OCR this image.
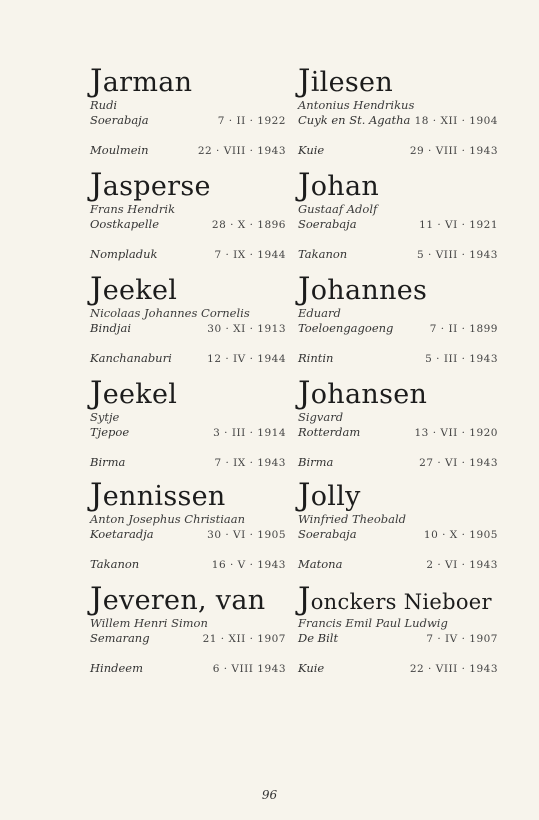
Jarman
Rudi
Soerabaja	7 · II · 1922
Moulmein	22 · VIII · 1943
Jasperse
Frans Hendrik
Oostkapelle	28 · X · 1896
Nompladuk	7 · IX · 1944
Jeekel
Nicolaas Johannes Cornelis
Bindjai	30 · XI · 1913
Kanchanaburi	12 · IV · 1944
Jeekel
Sytje
Tjepoe	3 · III · 1914
Birma	7 · IX · 1943
Jennissen
Anton Josephus Christiaan
Koetaradja	30 · VI · 1905
Takanon	16 · V · 1943
Jeveren, van
Willem Henri Simon
Semarang	21 · XII · 1907
Hindeem	6 · VIII 1943
Jilesen
Antonius Hendrikus
Cuyk en St. Agatha 18 · XII · 1904
Kuie	29 · VIII · 1943
Johan
Gustaaf Adolf
Soerabaja	11 · VI · 1921
Takanon	5 · VIII · 1943
Johannes
Eduard
Toeloengagoeng	7 · II · 1899
Rintin	5 · III · 1943
Johansen
Sigvard
Rotterdam	13 · VII · 1920
Birma	27 · VI · 1943
Jolly
Winfried Theobald
Soerabaja	10 · X · 1905
Matona	2 · VI · 1943
Jonckers Nieboer
Francis Emil Paul Ludwig
De Bilt	7 · IV · 1907
Kuie	22 · VIII · 1943
96
